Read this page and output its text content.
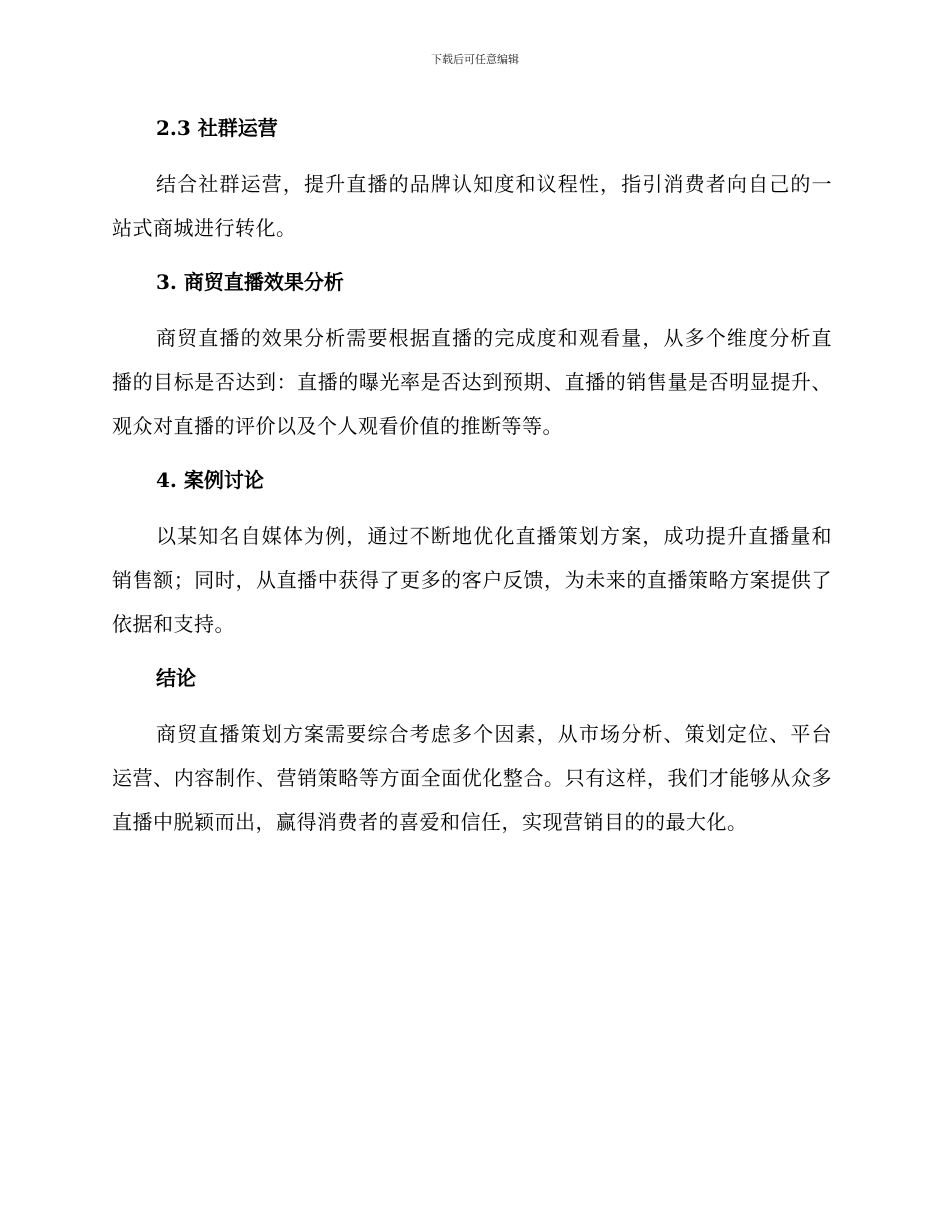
下载后可任意编辑
2.3 社群运营

结合社群运营，提升直播的品牌认知度和议程性，指引消费者向自己的一站式商城进行转化。

3. 商贸直播效果分析

商贸直播的效果分析需要根据直播的完成度和观看量，从多个维度分析直播的目标是否达到：直播的曝光率是否达到预期、直播的销售量是否明显提升、观众对直播的评价以及个人观看价值的推断等等。

4. 案例讨论

以某知名自媒体为例，通过不断地优化直播策划方案，成功提升直播量和销售额；同时，从直播中获得了更多的客户反馈，为未来的直播策略方案提供了依据和支持。

结论

商贸直播策划方案需要综合考虑多个因素，从市场分析、策划定位、平台运营、内容制作、营销策略等方面全面优化整合。只有这样，我们才能够从众多直播中脱颖而出，赢得消费者的喜爱和信任，实现营销目的的最大化。
